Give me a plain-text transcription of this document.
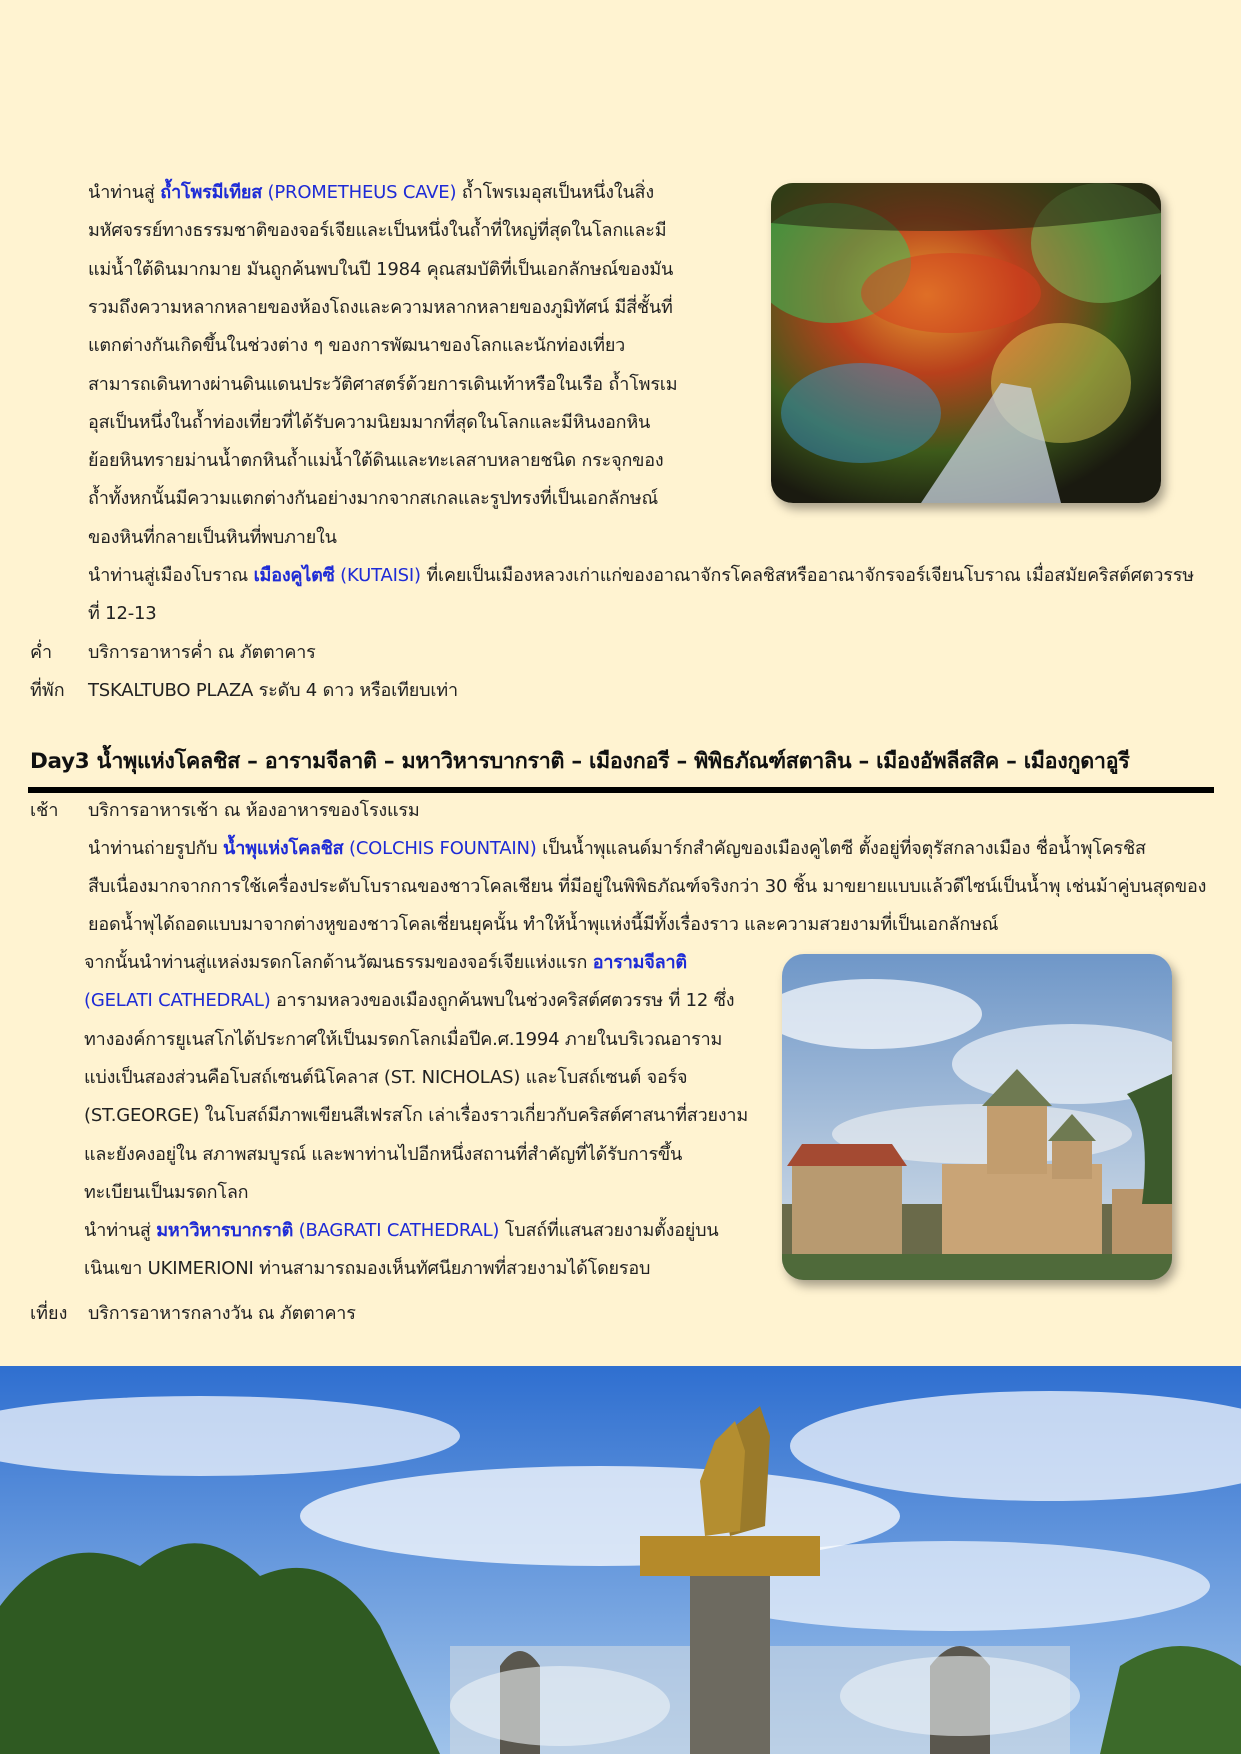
นำท่านสู่ ถ้ำโพรมีเทียส (PROMETHEUS CAVE) ถ้ำโพรเมอุสเป็นหนึ่งในสิ่ง
มหัศจรรย์ทางธรรมชาติของจอร์เจียและเป็นหนึ่งในถ้ำที่ใหญ่ที่สุดในโลกและมี
แม่น้ำใต้ดินมากมาย มันถูกค้นพบในปี 1984 คุณสมบัติที่เป็นเอกลักษณ์ของมัน
รวมถึงความหลากหลายของห้องโถงและความหลากหลายของภูมิทัศน์ มีสี่ชั้นที่
แตกต่างกันเกิดขึ้นในช่วงต่าง ๆ ของการพัฒนาของโลกและนักท่องเที่ยว
สามารถเดินทางผ่านดินแดนประวัติศาสตร์ด้วยการเดินเท้าหรือในเรือ ถ้ำโพรเม
อุสเป็นหนึ่งในถ้ำท่องเที่ยวที่ได้รับความนิยมมากที่สุดในโลกและมีหินงอกหิน
ย้อยหินทรายม่านน้ำตกหินถ้ำแม่น้ำใต้ดินและทะเลสาบหลายชนิด กระจุกของ
ถ้ำทั้งหกนั้นมีความแตกต่างกันอย่างมากจากสเกลและรูปทรงที่เป็นเอกลักษณ์
ของหินที่กลายเป็นหินที่พบภายใน
นำท่านสู่เมืองโบราณ เมืองคูไตซี (KUTAISI) ที่เคยเป็นเมืองหลวงเก่าแก่ของอาณาจักรโคลชิสหรืออาณาจักรจอร์เจียนโบราณ เมื่อสมัยคริสต์ศตวรรษ
ที่ 12-13
ค่ำ บริการอาหารค่ำ ณ ภัตตาคาร
ที่พัก TSKALTUBO PLAZA ระดับ 4 ดาว หรือเทียบเท่า
Day3 น้ำพุแห่งโคลชิส – อารามจีลาติ – มหาวิหารบากราติ – เมืองกอรี – พิพิธภัณฑ์สตาลิน – เมืองอัพลีสสิค – เมืองกูดาอูรี
เช้า บริการอาหารเช้า ณ ห้องอาหารของโรงแรม
นำท่านถ่ายรูปกับ น้ำพุแห่งโคลชิส (COLCHIS FOUNTAIN) เป็นน้ำพุแลนด์มาร์กสำคัญของเมืองคูไตซี ตั้งอยู่ที่จตุรัสกลางเมือง ชื่อน้ำพุโครชิส
สืบเนื่องมากจากการใช้เครื่องประดับโบราณของชาวโคลเชียน ที่มีอยู่ในพิพิธภัณฑ์จริงกว่า 30 ชิ้น มาขยายแบบแล้วดีไซน์เป็นน้ำพุ เช่นม้าคู่บนสุดของ
ยอดน้ำพุได้ถอดแบบมาจากต่างหูของชาวโคลเชี่ยนยุคนั้น ทำให้น้ำพุแห่งนี้มีทั้งเรื่องราว และความสวยงามที่เป็นเอกลักษณ์
จากนั้นนำท่านสู่แหล่งมรดกโลกด้านวัฒนธรรมของจอร์เจียแห่งแรก อารามจีลาติ
(GELATI CATHEDRAL) อารามหลวงของเมืองถูกค้นพบในช่วงคริสต์ศตวรรษ ที่ 12 ซึ่ง
ทางองค์การยูเนสโกได้ประกาศให้เป็นมรดกโลกเมื่อปีค.ศ.1994 ภายในบริเวณอาราม
แบ่งเป็นสองส่วนคือโบสถ์เซนต์นิโคลาส (ST. NICHOLAS) และโบสถ์เซนต์ จอร์จ
(ST.GEORGE) ในโบสถ์มีภาพเขียนสีเฟรสโก เล่าเรื่องราวเกี่ยวกับคริสต์ศาสนาที่สวยงาม
และยังคงอยู่ใน สภาพสมบูรณ์ และพาท่านไปอีกหนึ่งสถานที่สำคัญที่ได้รับการขึ้น
ทะเบียนเป็นมรดกโลก
นำท่านสู่ มหาวิหารบากราติ (BAGRATI CATHEDRAL) โบสถ์ที่แสนสวยงามตั้งอยู่บน
เนินเขา UKIMERIONI ท่านสามารถมองเห็นทัศนียภาพที่สวยงามได้โดยรอบ
เที่ยง บริการอาหารกลางวัน ณ ภัตตาคาร
